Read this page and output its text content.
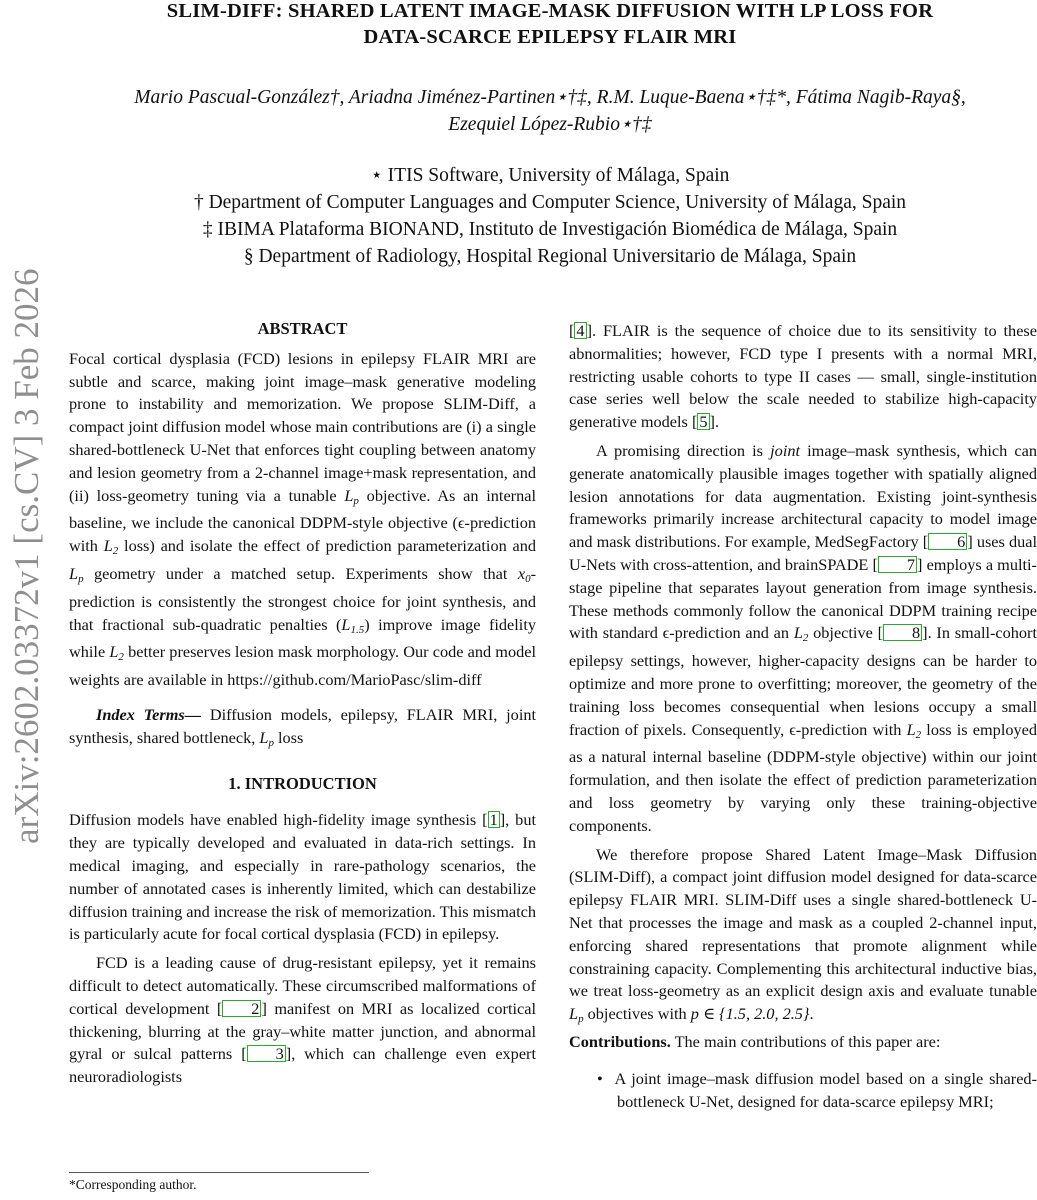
SLIM-DIFF: SHARED LATENT IMAGE-MASK DIFFUSION WITH LP LOSS FOR
DATA-SCARCE EPILEPSY FLAIR MRI
Mario Pascual-González†, Ariadna Jiménez-Partinen⋆†‡, R.M. Luque-Baena⋆†‡*, Fátima Nagib-Raya§,
Ezequiel López-Rubio⋆†‡
⋆ ITIS Software, University of Málaga, Spain
† Department of Computer Languages and Computer Science, University of Málaga, Spain
‡ IBIMA Plataforma BIONAND, Instituto de Investigación Biomédica de Málaga, Spain
§ Department of Radiology, Hospital Regional Universitario de Málaga, Spain
arXiv:2602.03372v1 [cs.CV] 3 Feb 2026	ABSTRACT

Focal cortical dysplasia (FCD) lesions in epilepsy FLAIR MRI are subtle and scarce, making joint image–mask generative modeling prone to instability and memorization. We propose SLIM-Diff, a compact joint diffusion model whose main contributions are (i) a single shared-bottleneck U-Net that enforces tight coupling between anatomy and lesion geometry from a 2-channel image+mask representation, and (ii) loss-geometry tuning via a tunable $L_p$ objective. As an internal baseline, we include the canonical DDPM-style objective (ϵ-prediction with $L_2$ loss) and isolate the effect of prediction parameterization and $L_p$ geometry under a matched setup. Experiments show that $x_0$-prediction is consistently the strongest choice for joint synthesis, and that fractional sub-quadratic penalties $(L_{1.5})$ improve image fidelity while $L_2$ better preserves lesion mask morphology. Our code and model weights are available in https://github.com/MarioPasc/slim-diff

Index Terms— Diffusion models, epilepsy, FLAIR MRI, joint synthesis, shared bottleneck, $L_p$ loss

1. INTRODUCTION

Diffusion models have enabled high-fidelity image synthesis [ 1 ], but they are typically developed and evaluated in data-rich settings. In medical imaging, and especially in rare-pathology scenarios, the number of annotated cases is inherently limited, which can destabilize diffusion training and increase the risk of memorization. This mismatch is particularly acute for focal cortical dysplasia (FCD) in epilepsy.

FCD is a leading cause of drug-resistant epilepsy, yet it remains difficult to detect automatically. These circumscribed malformations of cortical development [ 2 ] manifest on MRI as localized cortical thickening, blurring at the gray–white matter junction, and abnormal gyral or sulcal patterns [ 3 ], which can challenge even expert neuroradiologists

[ 4 ]. FLAIR is the sequence of choice due to its sensitivity to these abnormalities; however, FCD type I presents with a normal MRI, restricting usable cohorts to type II cases — small, single-institution case series well below the scale needed to stabilize high-capacity generative models [ 5 ].

A promising direction is joint image–mask synthesis, which can generate anatomically plausible images together with spatially aligned lesion annotations for data augmentation. Existing joint-synthesis frameworks primarily increase architectural capacity to model image and mask distributions. For example, MedSegFactory [ 6 ] uses dual U-Nets with cross-attention, and brainSPADE [ 7 ] employs a multi-stage pipeline that separates layout generation from image synthesis. These methods commonly follow the canonical DDPM training recipe with standard ϵ-prediction and an $L_2$ objective [ 8 ]. In small-cohort epilepsy settings, however, higher-capacity designs can be harder to optimize and more prone to overfitting; moreover, the geometry of the training loss becomes consequential when lesions occupy a small fraction of pixels. Consequently, ϵ-prediction with $L_2$ loss is employed as a natural internal baseline (DDPM-style objective) within our joint formulation, and then isolate the effect of prediction parameterization and loss geometry by varying only these training-objective components.

We therefore propose Shared Latent Image–Mask Diffusion (SLIM-Diff), a compact joint diffusion model designed for data-scarce epilepsy FLAIR MRI. SLIM-Diff uses a single shared-bottleneck U-Net that processes the image and mask as a coupled 2-channel input, enforcing shared representations that promote alignment while constraining capacity. Complementing this architectural inductive bias, we treat loss-geometry as an explicit design axis and evaluate tunable $L_p$ objectives with p ∈ {1.5, 2.0, 2.5}.

Contributions. The main contributions of this paper are:

•  A joint image–mask diffusion model based on a single shared-bottleneck U-Net, designed for data-scarce epilepsy MRI;

*Corresponding author.
